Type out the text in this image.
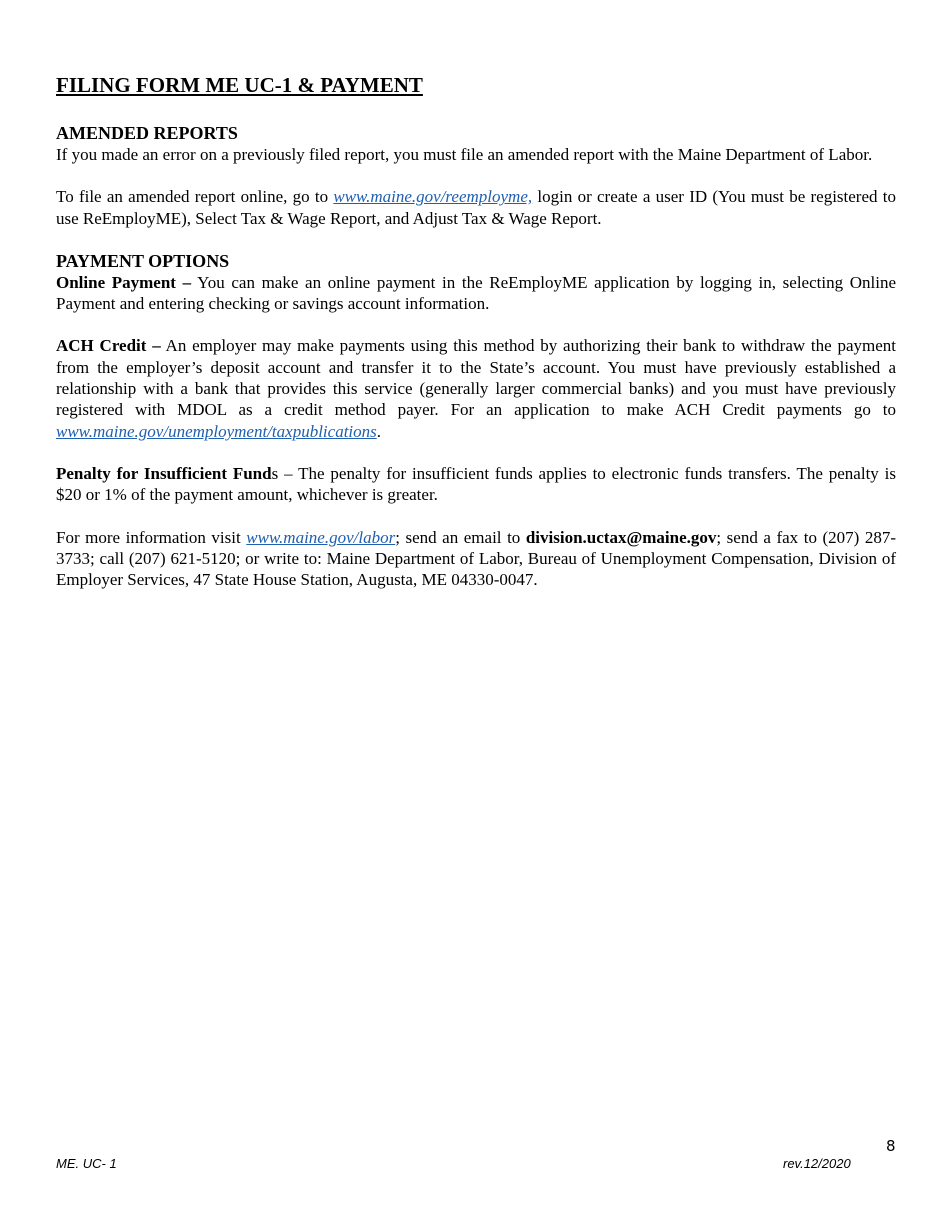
FILING FORM ME UC-1 & PAYMENT
AMENDED REPORTS

If you made an error on a previously filed report, you must file an amended report with the Maine Department of Labor.

To file an amended report online, go to www.maine.gov/reemployme, login or create a user ID (You must be registered to use ReEmployME), Select Tax & Wage Report, and Adjust Tax & Wage Report.

PAYMENT OPTIONS

Online Payment – You can make an online payment in the ReEmployME application by logging in, selecting Online Payment and entering checking or savings account information.

ACH Credit – An employer may make payments using this method by authorizing their bank to withdraw the payment from the employer’s deposit account and transfer it to the State’s account. You must have previously established a relationship with a bank that provides this service (generally larger commercial banks) and you must have previously registered with MDOL as a credit method payer. For an application to make ACH Credit payments go to www.maine.gov/unemployment/taxpublications.

Penalty for Insufficient Funds – The penalty for insufficient funds applies to electronic funds transfers. The penalty is $20 or 1% of the payment amount, whichever is greater.

For more information visit www.maine.gov/labor; send an email to division.uctax@maine.gov; send a fax to (207) 287-3733; call (207) 621-5120; or write to: Maine Department of Labor, Bureau of Unemployment Compensation, Division of Employer Services, 47 State House Station, Augusta, ME 04330-0047.

8
ME. UC- 1	rev.12/2020
